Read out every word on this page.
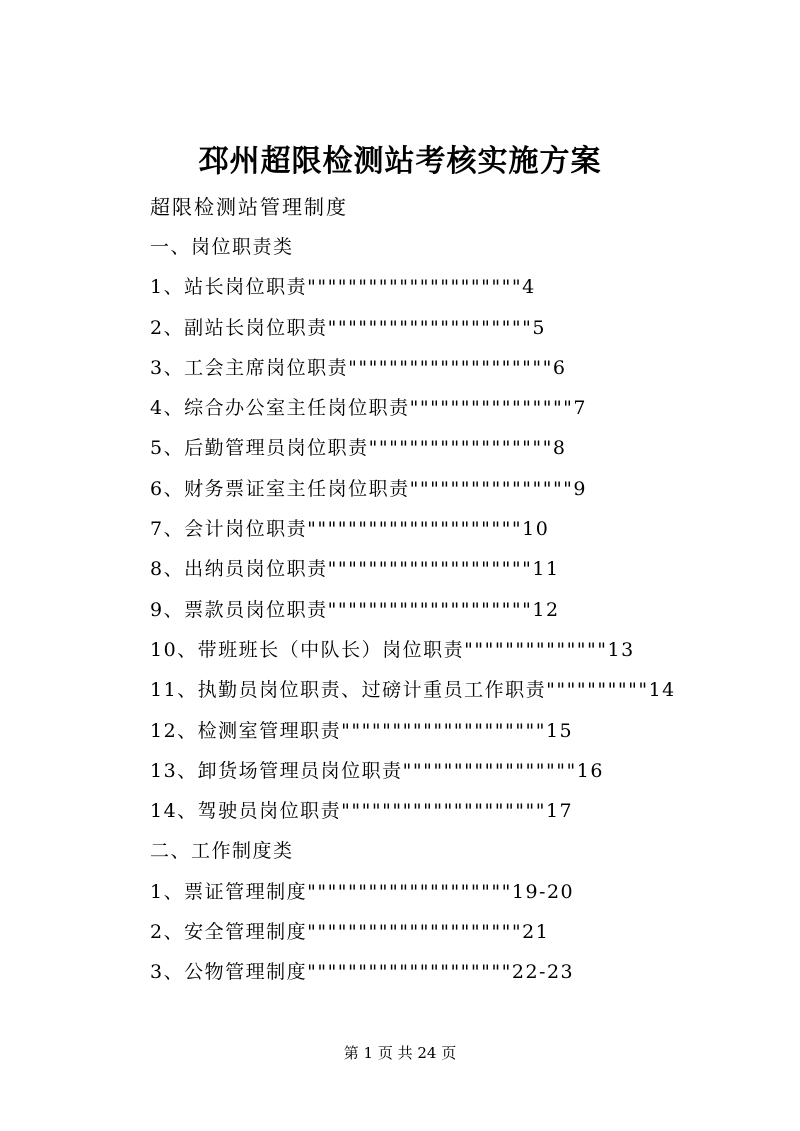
邳州超限检测站考核实施方案
超限检测站管理制度
一、岗位职责类
1、站长岗位职责"""""""""""""""""""""4
2、副站长岗位职责""""""""""""""""""""5
3、工会主席岗位职责""""""""""""""""""""6
4、综合办公室主任岗位职责""""""""""""""""7
5、后勤管理员岗位职责""""""""""""""""""8
6、财务票证室主任岗位职责""""""""""""""""9
7、会计岗位职责"""""""""""""""""""""10
8、出纳员岗位职责""""""""""""""""""""11
9、票款员岗位职责""""""""""""""""""""12
10、带班班长（中队长）岗位职责""""""""""""""13
11、执勤员岗位职责、过磅计重员工作职责""""""""""14
12、检测室管理职责""""""""""""""""""""15
13、卸货场管理员岗位职责"""""""""""""""""16
14、驾驶员岗位职责""""""""""""""""""""17
二、工作制度类
1、票证管理制度""""""""""""""""""""19-20
2、安全管理制度"""""""""""""""""""""21
3、公物管理制度""""""""""""""""""""22-23
第 1 页 共 24 页
